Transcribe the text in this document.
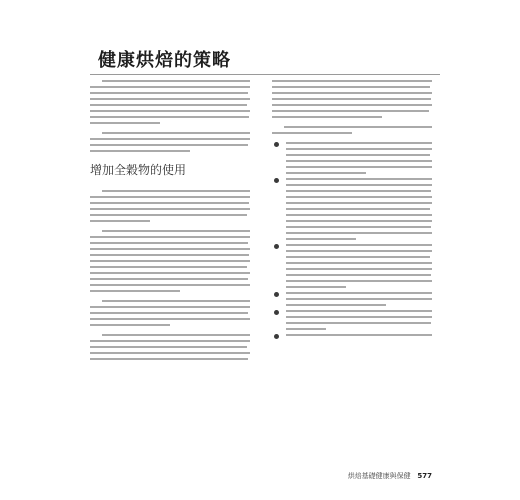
健康烘焙的策略
增加全穀物的使用
烘焙基礎健康與保健 577
